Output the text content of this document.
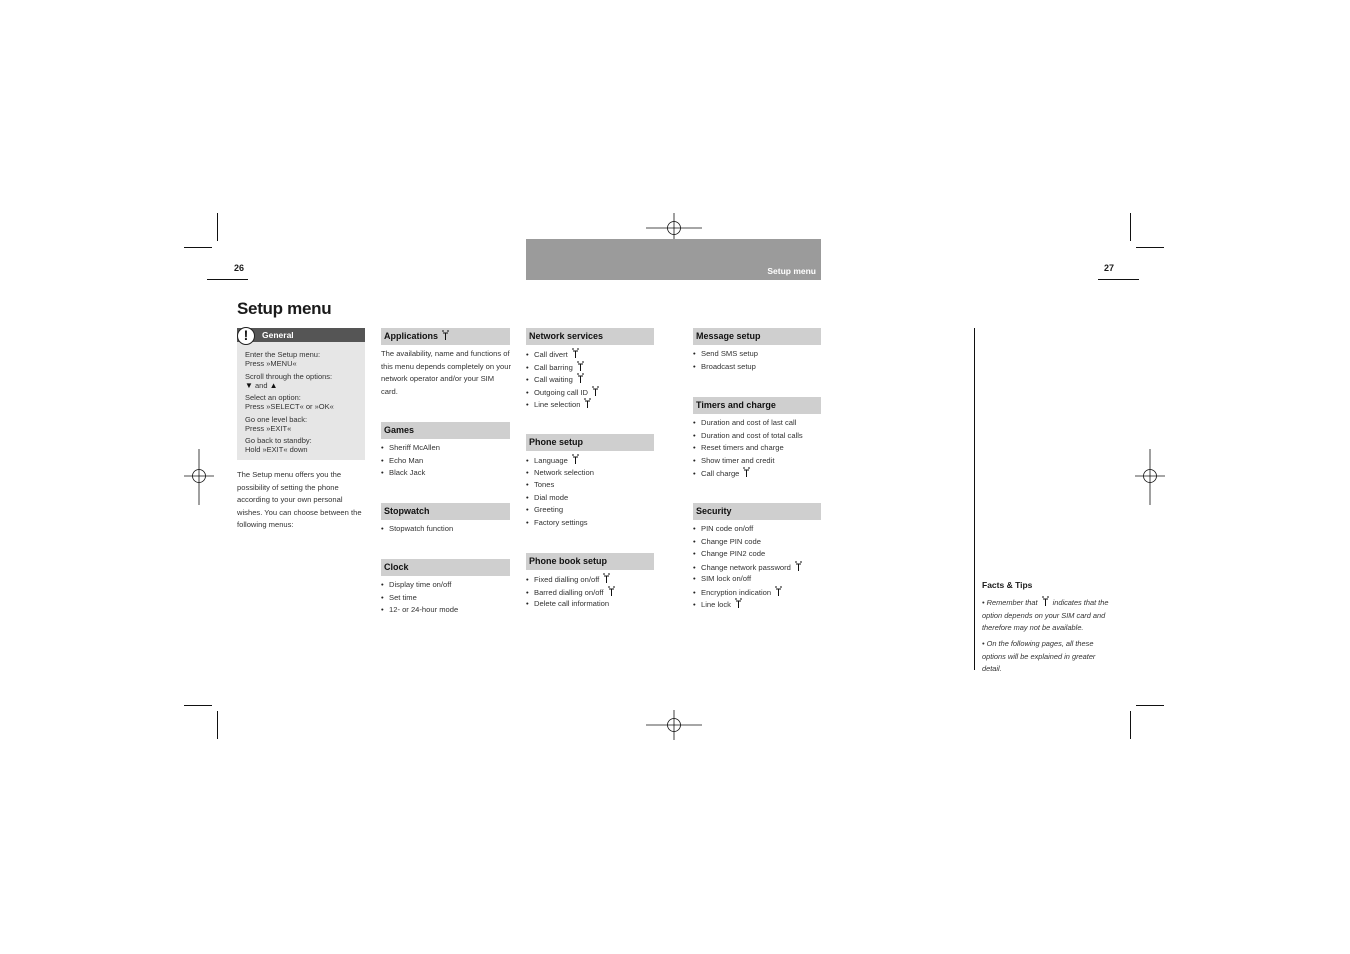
26	27
Setup menu
Setup menu
!	General

Enter the Setup menu:
Press »MENU«

Scroll through the options:
▼ and ▲

Select an option:
Press »SELECT« or »OK«

Go one level back:
Press »EXIT«

Go back to standby:
Hold »EXIT« down

The Setup menu offers you the possibility of setting the phone according to your own personal wishes. You can choose between the following menus:
Applications
The availability, name and functions of this menu depends completely on your network operator and/or your SIM card.
Games
• Sheriff McAllen
• Echo Man
• Black Jack
Stopwatch
• Stopwatch function
Clock
• Display time on/off
• Set time
• 12- or 24-hour mode
Network services
• Call divert
• Call barring
• Call waiting
• Outgoing call ID
• Line selection
Phone setup
• Language
• Network selection
• Tones
• Dial mode
• Greeting
• Factory settings
Phone book setup
• Fixed dialling on/off
• Barred dialling on/off
• Delete call information
Message setup
• Send SMS setup
• Broadcast setup
Timers and charge
• Duration and cost of last call
• Duration and cost of total calls
• Reset timers and charge
• Show timer and credit
• Call charge
Security
• PIN code on/off
• Change PIN code
• Change PIN2 code
• Change network password
• SIM lock on/off
• Encryption indication
• Line lock
Facts & Tips

• Remember that indicates that the option depends on your SIM card and therefore may not be available.

• On the following pages, all these options will be explained in greater detail.
